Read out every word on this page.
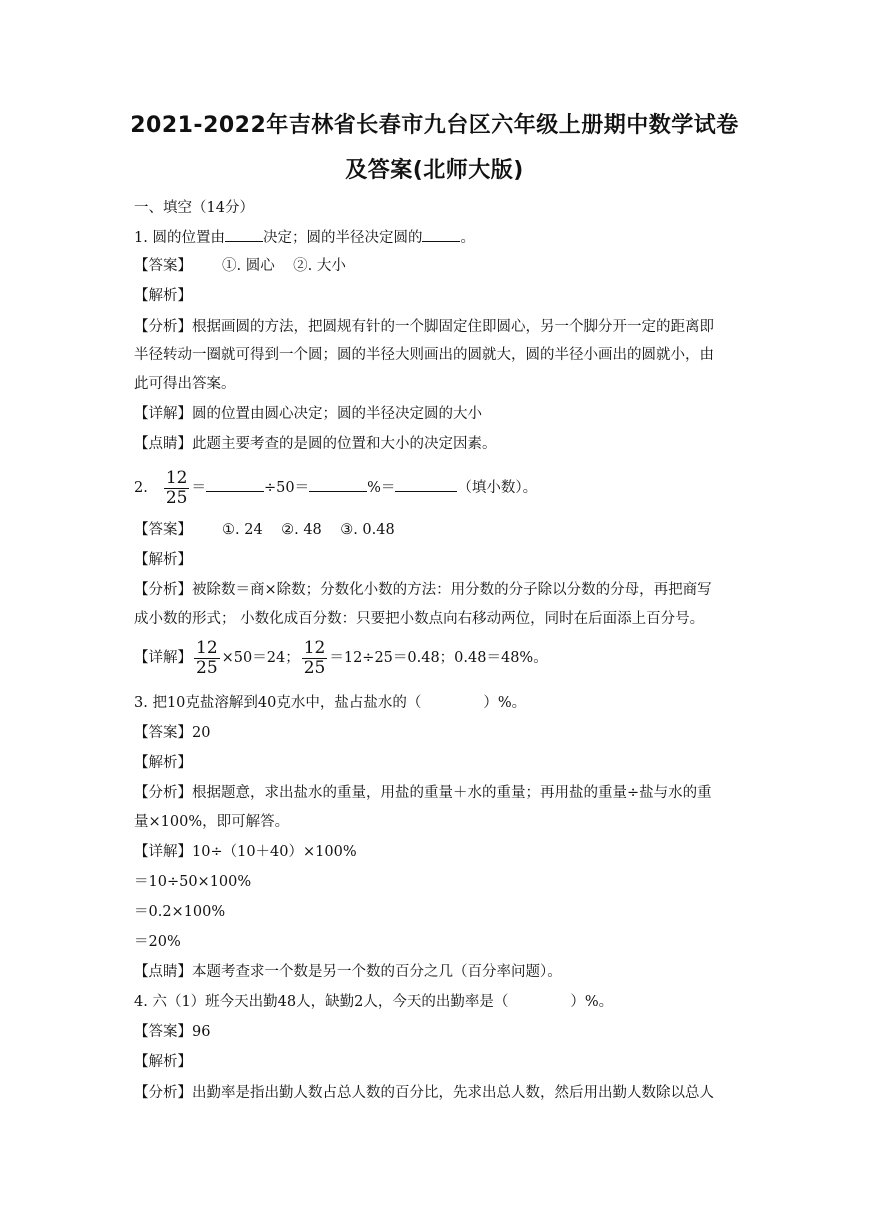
2021-2022年吉林省长春市九台区六年级上册期中数学试卷
及答案(北师大版)
一、填空（14分）
1. 圆的位置由	决定；圆的半径决定圆的	。
【答案】 ①. 圆心    ②. 大小
【解析】
【分析】根据画圆的方法，把圆规有针的一个脚固定住即圆心，另一个脚分开一定的距离即
半径转动一圈就可得到一个圆；圆的半径大则画出的圆就大，圆的半径小画出的圆就小，由
此可得出答案。
【详解】圆的位置由圆心决定；圆的半径决定圆的大小
【点睛】此题主要考查的是圆的位置和大小的决定因素。
2. $\frac{12}{25}$ ＝	÷50＝	%＝	（填小数）。
【答案】 ①. 24    ②. 48    ③. 0.48
【解析】
【分析】被除数＝商×除数；分数化小数的方法：用分数的分子除以分数的分母，再把商写
成小数的形式； 小数化成百分数：只要把小数点向右移动两位，同时在后面添上百分号。
【详解】 $\frac{12}{25} \times 50=24$； $\frac{12}{25} =12\div 25=0.48$；0.48＝48%。
3. 把10克盐溶解到40克水中，盐占盐水的（	）%。
【答案】20
【解析】
【分析】根据题意，求出盐水的重量，用盐的重量＋水的重量；再用盐的重量÷盐与水的重
量×100%，即可解答。
【详解】10÷（10＋40）×100%
＝10÷50×100%
＝0.2×100%
＝20%
【点睛】本题考查求一个数是另一个数的百分之几（百分率问题）。
4. 六（1）班今天出勤48人，缺勤2人，今天的出勤率是（	）%。
【答案】96
【解析】
【分析】出勤率是指出勤人数占总人数的百分比，先求出总人数，然后用出勤人数除以总人
